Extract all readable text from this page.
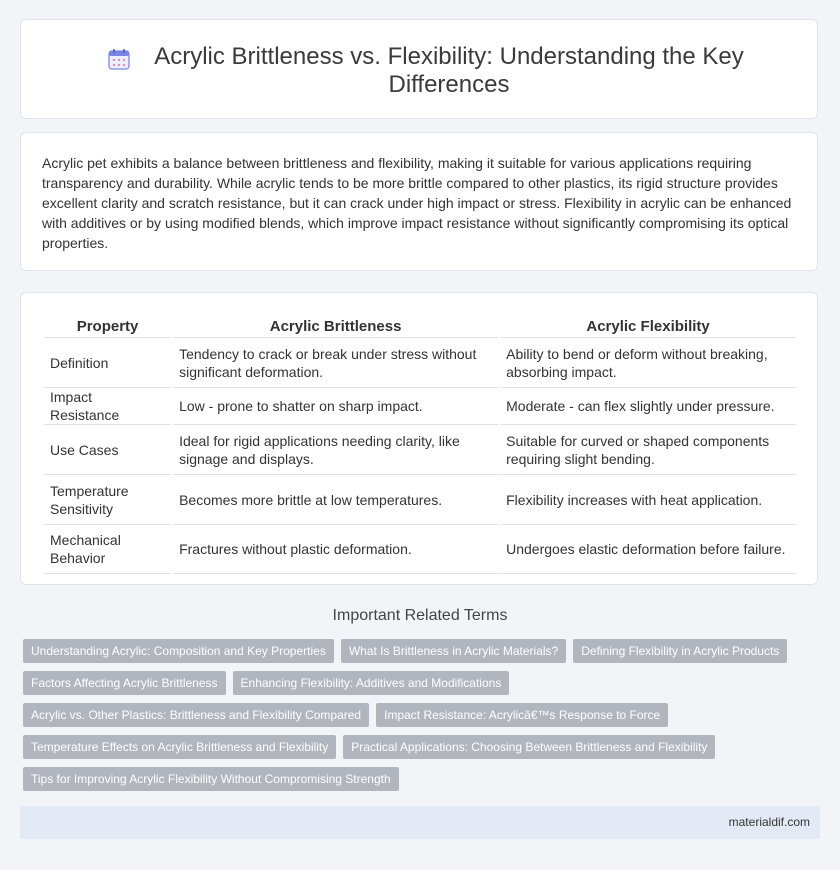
Acrylic Brittleness vs. Flexibility: Understanding the Key Differences

Acrylic pet exhibits a balance between brittleness and flexibility, making it suitable for various applications requiring transparency and durability. While acrylic tends to be more brittle compared to other plastics, its rigid structure provides excellent clarity and scratch resistance, but it can crack under high impact or stress. Flexibility in acrylic can be enhanced with additives or by using modified blends, which improve impact resistance without significantly compromising its optical properties.

Property	Acrylic Brittleness	Acrylic Flexibility
Definition	Tendency to crack or break under stress without significant deformation.	Ability to bend or deform without breaking, absorbing impact.
Impact Resistance	Low - prone to shatter on sharp impact.	Moderate - can flex slightly under pressure.
Use Cases	Ideal for rigid applications needing clarity, like signage and displays.	Suitable for curved or shaped components requiring slight bending.
Temperature Sensitivity	Becomes more brittle at low temperatures.	Flexibility increases with heat application.
Mechanical Behavior	Fractures without plastic deformation.	Undergoes elastic deformation before failure.
Important Related Terms
Understanding Acrylic: Composition and Key Properties What Is Brittleness in Acrylic Materials? Defining Flexibility in Acrylic Products
Factors Affecting Acrylic Brittleness Enhancing Flexibility: Additives and Modifications
Acrylic vs. Other Plastics: Brittleness and Flexibility Compared Impact Resistance: Acrylicâ€™s Response to Force
Temperature Effects on Acrylic Brittleness and Flexibility Practical Applications: Choosing Between Brittleness and Flexibility
Tips for Improving Acrylic Flexibility Without Compromising Strength
materialdif.com
